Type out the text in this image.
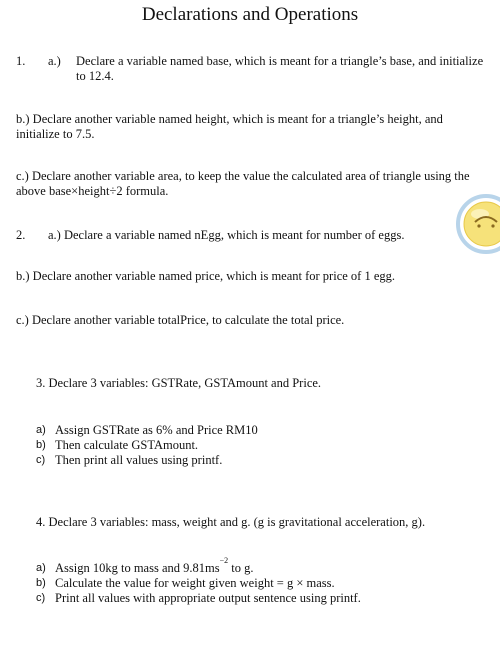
Declarations and Operations
1. a.) Declare a variable named base, which is meant for a triangle’s base, and initialize
to 12.4.
b.) Declare another variable named height, which is meant for a triangle’s height, and
initialize to 7.5.
c.) Declare another variable area, to keep the value the calculated area of triangle using the
above base×height÷2 formula.
2. a.) Declare a variable named nEgg, which is meant for number of eggs.
b.) Declare another variable named price, which is meant for price of 1 egg.
c.) Declare another variable totalPrice, to calculate the total price.
3. Declare 3 variables: GSTRate, GSTAmount and Price.
a) Assign GSTRate as 6% and Price RM10
b) Then calculate GSTAmount.
c) Then print all values using printf.
4. Declare 3 variables: mass, weight and g. (g is gravitational acceleration, g).
a) Assign 10kg to mass and $9.81ms^{-2}$ to g.
b) Calculate the value for weight given weight = g × mass.
c) Print all values with appropriate output sentence using printf.
